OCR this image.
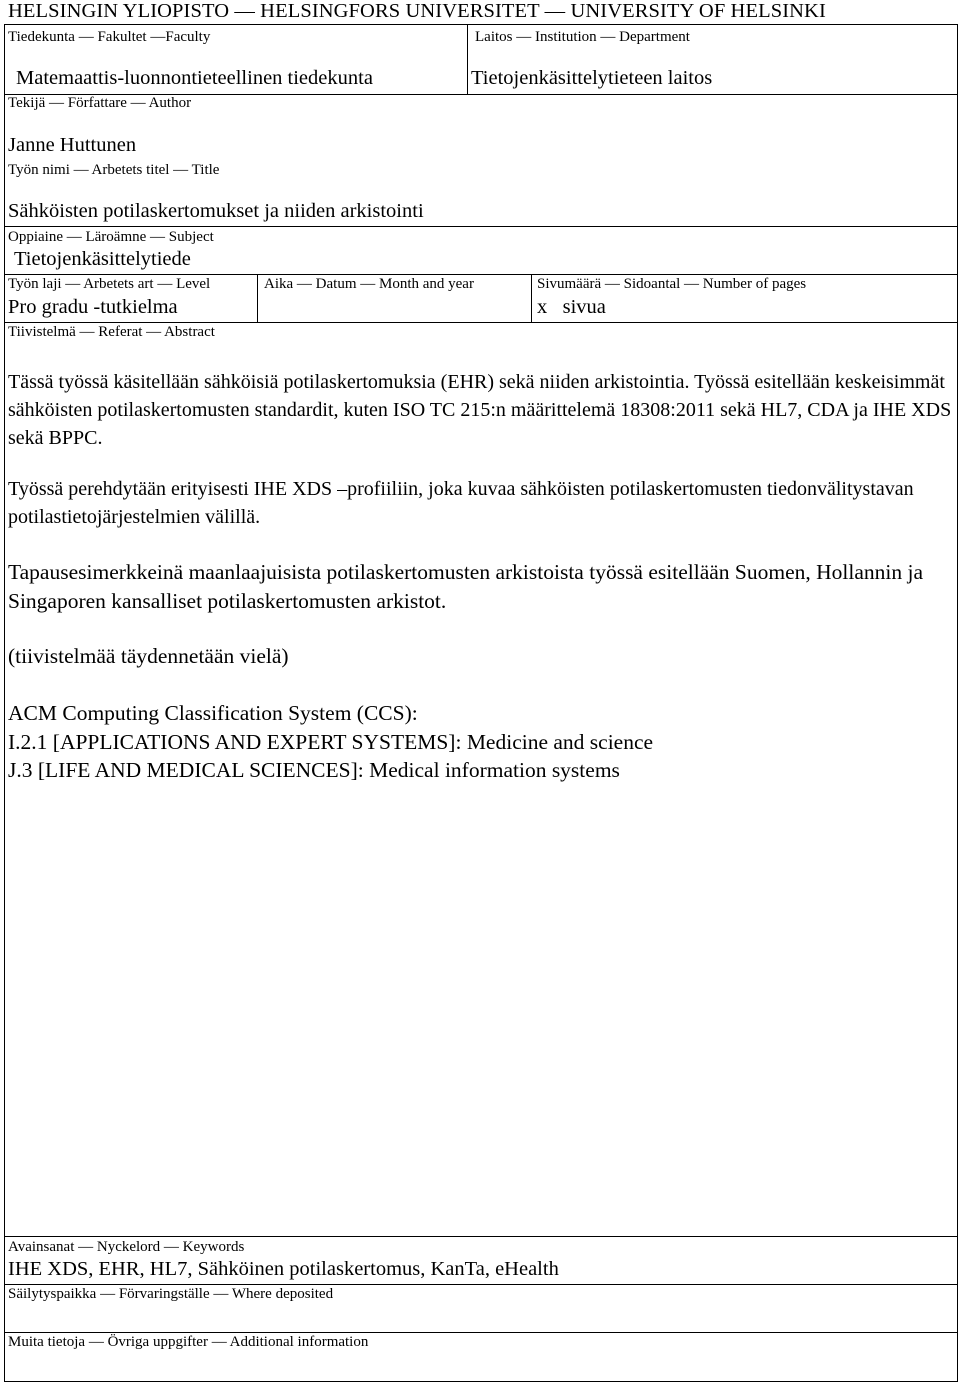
HELSINGIN YLIOPISTO — HELSINGFORS UNIVERSITET — UNIVERSITY OF HELSINKI
Tiedekunta — Fakultet —Faculty
Matemaattis-luonnontieteellinen tiedekunta
Laitos — Institution — Department
Tietojenkäsittelytieteen laitos
Tekijä — Författare — Author
Janne Huttunen
Työn nimi — Arbetets titel — Title
Sähköisten potilaskertomukset ja niiden arkistointi
Oppiaine — Läroämne — Subject
Tietojenkäsittelytiede
Työn laji — Arbetets art — Level
Pro gradu -tutkielma
Aika — Datum — Month and year	Sivumäärä — Sidoantal — Number of pages
x   sivua
Tiivistelmä — Referat — Abstract
Tässä työssä käsitellään sähköisiä potilaskertomuksia (EHR) sekä niiden arkistointia. Työssä esitellään keskeisimmät sähköisten potilaskertomusten standardit, kuten ISO TC 215:n määrittelemä 18308:2011 sekä HL7, CDA ja IHE XDS sekä BPPC.
Työssä perehdytään erityisesti IHE XDS –profiiliin, joka kuvaa sähköisten potilaskertomusten tiedonvälitystavan potilastietojärjestelmien välillä.
Tapausesimerkkeinä maanlaajuisista potilaskertomusten arkistoista työssä esitellään Suomen, Hollannin ja Singaporen kansalliset potilaskertomusten arkistot.
(tiivistelmää täydennetään vielä)
ACM Computing Classification System (CCS):
I.2.1 [APPLICATIONS AND EXPERT SYSTEMS]: Medicine and science
J.3 [LIFE AND MEDICAL SCIENCES]: Medical information systems
Avainsanat — Nyckelord — Keywords
IHE XDS, EHR, HL7, Sähköinen potilaskertomus, KanTa, eHealth
Säilytyspaikka — Förvaringställe — Where deposited
Muita tietoja — Övriga uppgifter — Additional information
